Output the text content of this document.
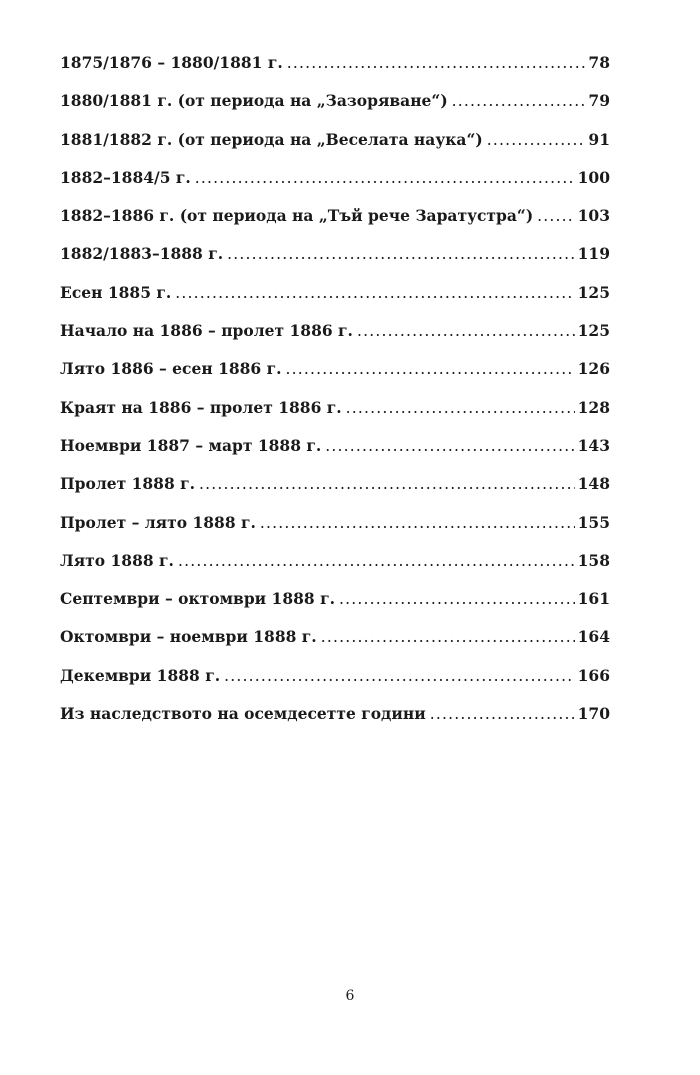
1875/1876 – 1880/1881 г. .....	78
1880/1881 г. (от периода на „Зазоряване“) .....	79
1881/1882 г. (от периода на „Веселата наука“) .....	91
1882–1884/5 г. .....	100
1882–1886 г. (от периода на „Тъй рече Заратустра“) .....	103
1882/1883–1888 г. .....	119
Есен 1885 г. .....	125
Начало на 1886 – пролет 1886 г. .....	125
Лято 1886 – есен 1886 г. .....	126
Краят на 1886 – пролет 1886 г. .....	128
Ноември 1887 – март 1888 г. .....	143
Пролет 1888 г. .....	148
Пролет – лято 1888 г. .....	155
Лято 1888 г. .....	158
Септември – октомври 1888 г. .....	161
Октомври – ноември 1888 г. .....	164
Декември 1888 г. .....	166
Из наследството на осемдесетте години .....	170
6
